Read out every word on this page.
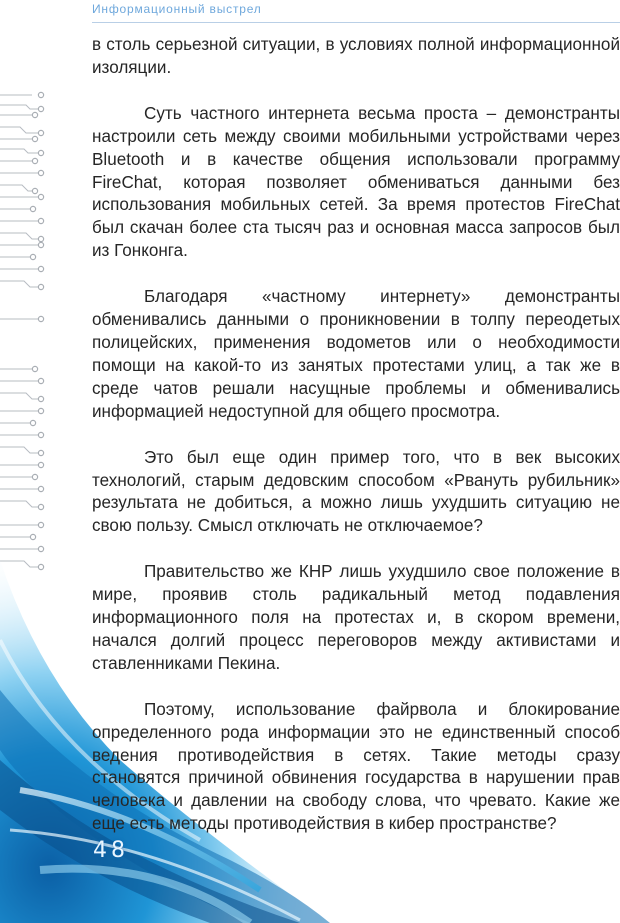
Информационный выстрел
48

в столь серьезной ситуации, в условиях полной информационной изоляции.

Суть частного интернета весьма проста – демонстранты настроили сеть между своими мобильными устройствами через Bluetooth и в качестве общения использовали программу FireChat, которая позволяет обмениваться данными без использования мобильных сетей. За время протестов FireChat был скачан более ста тысяч раз и основная масса запросов был из Гонконга.

Благодаря «частному интернету» демонстранты обменивались данными о проникновении в толпу переодетых полицейских, применения водометов или о необходимости помощи на какой-то из занятых протестами улиц, а так же в среде чатов решали насущные проблемы и обменивались информацией недоступной для общего просмотра.

Это был еще один пример того, что в век высоких технологий, старым дедовским способом «Рвануть рубильник» результата не добиться, а можно лишь ухудшить ситуацию не свою пользу. Смысл отключать не отключаемое?

Правительство же КНР лишь ухудшило свое положение в мире, проявив столь радикальный метод подавления информационного поля на протестах и, в скором времени, начался долгий процесс переговоров между активистами и ставленниками Пекина.

Поэтому, использование файрвола и блокирование определенного рода информации это не единственный способ ведения противодействия в сетях. Такие методы сразу становятся причиной обвинения государства в нарушении прав человека и давлении на свободу слова, что чревато. Какие же еще есть методы противодействия в кибер пространстве?
